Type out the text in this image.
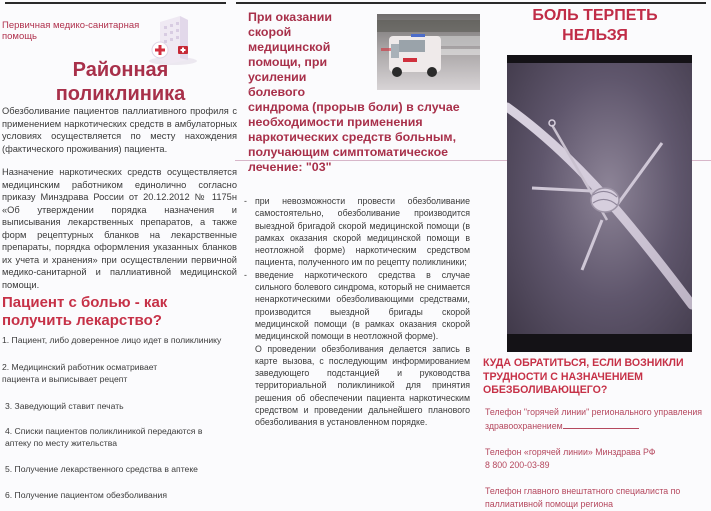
Первичная медико-санитарная помощь
Районная
поликлиника
Обезболивание пациентов паллиативного профиля с применением наркотических средств в амбулаторных условиях осуществляется по месту нахождения (фактического проживания) пациента.
Назначение наркотических средств осуществляется медицинским работником единолично согласно приказу Минздрава России от 20.12.2012 № 1175н «Об утверждении порядка назначения и выписывания лекарственных препаратов, а также форм рецептурных бланков на лекарственные препараты, порядка оформления указанных бланков их учета и хранения» при осуществлении первичной медико-санитарной и паллиативной медицинской помощи.
Пациент с болью - как получить лекарство?
1. Пациент, либо доверенное лицо идет в поликлинику
2. Медицинский работник осматривает пациента и выписывает рецепт
3. Заведующий ставит печать
4. Списки пациентов поликлиникой передаются в аптеку по месту жительства
5. Получение лекарственного средства в аптеке
6. Получение пациентом обезболивания
При оказании скорой медицинской помощи, при усилении болевого синдрома (прорыв боли) в случае необходимости применения наркотических средств больным, получающим симптоматическое лечение: "03"
- при невозможности провести обезболивание самостоятельно, обезболивание производится выездной бригадой скорой медицинской помощи (в рамках оказания скорой медицинской помощи в неотложной форме) наркотическим средством пациента, полученного им по рецепту поликлиники;
- введение наркотического средства в случае сильного болевого синдрома, который не снимается ненаркотическими обезболивающими средствами, производится выездной бригады скорой медицинской помощи (в рамках оказания скорой медицинской помощи в неотложной форме).
О проведении обезболивания делается запись в карте вызова, с последующим информированием заведующего подстанцией и руководства территориальной поликлиникой для принятия решения об обеспечении пациента наркотическим средством и проведении дальнейшего планового обезболивания в установленном порядке.
БОЛЬ ТЕРПЕТЬ
НЕЛЬЗЯ
КУДА ОБРАТИТЬСЯ, ЕСЛИ ВОЗНИКЛИ ТРУДНОСТИ С НАЗНАЧЕНИЕМ ОБЕЗБОЛИВАЮЩЕГО?
Телефон "горячей линии" регионального управления здравоохранением
Телефон «горячей линии» Минздрава РФ
8 800 200-03-89
Телефон главного внештатного специалиста по паллиативной помощи региона
